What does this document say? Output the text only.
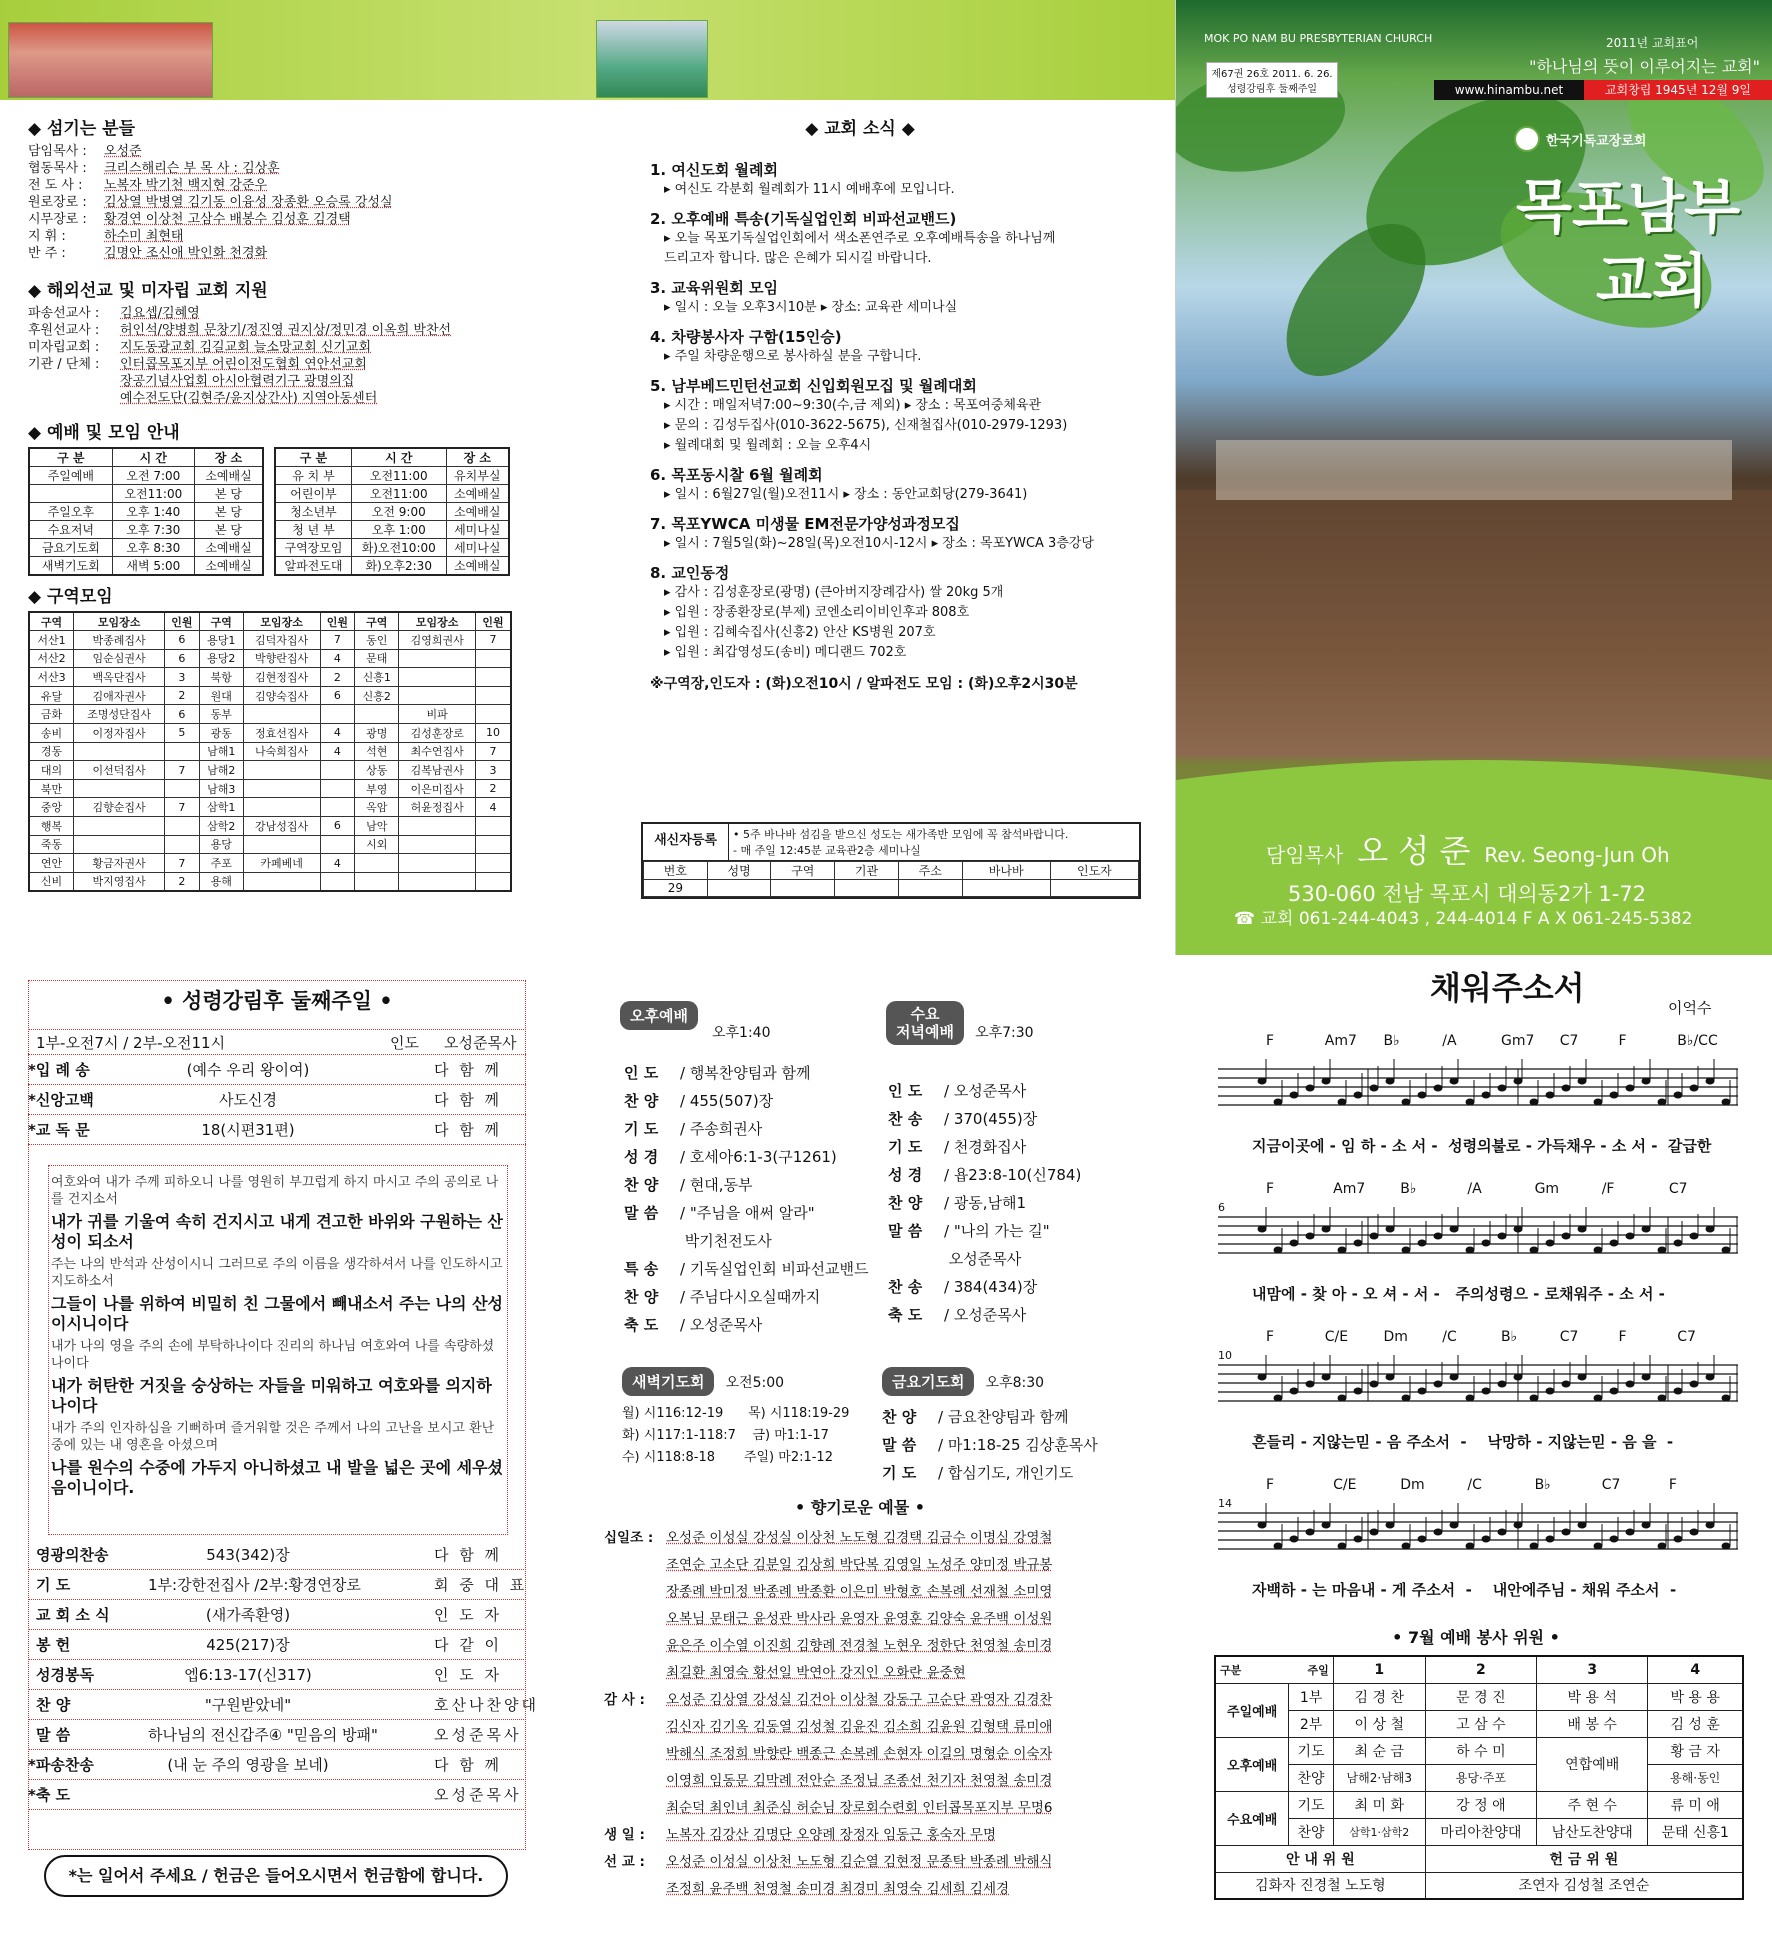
◆ 섬기는 분들
담임목사 : 오성준
협동목사 : 크리스해리슨 부 목 사 : 김상훈
전 도 사 : 노복자 박기천 백지현 강준우
원로장로 : 김상열 박병열 김기동 이융성 장종환 오승록 강성실
시무장로 : 황경연 이상천 고삼수 배봉수 김성훈 김경택
지 휘 :	하수미 최현태
반 주 :	김명안 조신애 박인화 천경화
◆ 해외선교 및 미자립 교회 지원
파송선교사 : 김요셉/김혜영
후원선교사 : 허인석/양병희 문창기/정진영 권지상/정민경 이옥희 박찬선
미자립교회 : 지도동광교회 김길교회 늘소망교회 신기교회
기관 / 단체 : 인터콥목포지부 어린이전도협회 연안선교회
장공기념사업회 아시아협력기구 광명의집
예수전도단(김현주/윤지상간사) 지역아동센터
◆ 예배 및 모임 안내
구 분	시 간	장 소
주일예배	오전 7:00	소예배실
	오전11:00	본 당
주일오후	오후 1:40	본 당
수요저녁	오후 7:30	본 당
금요기도회	오후 8:30	소예배실
새벽기도회	새벽 5:00	소예배실
구 분	시 간	장 소
유 치 부	오전11:00	유치부실
어린이부	오전11:00	소예배실
청소년부	오전 9:00	소예배실
청 년 부	오후 1:00	세미나실
구역장모임	화)오전10:00	세미나실
알파전도대	화)오후2:30	소예배실
◆ 구역모임
구역	모임장소	인원	구역	모임장소	인원	구역	모임장소	인원
서산1	박종례집사	6	용당1	김덕자집사	7	동인	김영희권사	7
서산2	임순심권사	6	용당2	박향란집사	4	문태		
서산3	백옥단집사	3	북항	김현정집사	2	신흥1		
유달	김애자권사	2	원대	김양숙집사	6	신흥2		
금화	조명성단집사	6	동부				비파	
송비	이정자집사	5	광동	정효선집사	4	광명	김성훈장로	10
경동			남해1	나숙희집사	4	석현	최수연집사	7
대의	이선덕집사	7	남해2			상동	김복남권사	3
북만			남해3			부영	이은미집사	2
중앙	김향순집사	7	삼학1			옥암	허윤정집사	4
행복			삼학2	강남성집사	6	남악		
죽동			용당			시외		
연안	황금자권사	7	주포	카페베네	4			
신비	박지영집사	2	용해					
◆ 교회 소식 ◆
1. 여신도회 월례회
▸ 여신도 각분회 월례회가 11시 예배후에 모입니다.
2. 오후예배 특송(기독실업인회 비파선교밴드)
▸ 오늘 목포기독실업인회에서 색소폰연주로 오후예배특송을 하나님께
드리고자 합니다. 많은 은혜가 되시길 바랍니다.
3. 교육위원회 모임
▸ 일시 : 오늘 오후3시10분 ▸ 장소: 교육관 세미나실
4. 차량봉사자 구함(15인승)
▸ 주일 차량운행으로 봉사하실 분을 구합니다.
5. 남부베드민턴선교회 신입회원모집 및 월례대회
▸ 시간 : 매일저녁7:00~9:30(수,금 제외) ▸ 장소 : 목포여중체육관
▸ 문의 : 김성두집사(010-3622-5675), 신재철집사(010-2979-1293)
▸ 월례대회 및 월례회 : 오늘 오후4시
6. 목포동시찰 6월 월례회
▸ 일시 : 6월27일(월)오전11시 ▸ 장소 : 동안교회당(279-3641)
7. 목포YWCA 미생물 EM전문가양성과정모집
▸ 일시 : 7월5일(화)~28일(목)오전10시-12시 ▸ 장소 : 목포YWCA 3층강당
8. 교인동정
▸ 감사 : 김성훈장로(광명) (큰아버지장례감사) 쌀 20kg 5개
▸ 입원 : 장종환장로(부제) 코엔소리이비인후과 808호
▸ 입원 : 김혜숙집사(신흥2) 안산 KS병원 207호
▸ 입원 : 최갑영성도(송비) 메디랜드 702호
※구역장,인도자 : (화)오전10시 / 알파전도 모임 : (화)오후2시30분
새신자등록	• 5주 바나바 섬김을 받으신 성도는 새가족반 모임에 꼭 참석바랍니다.
- 매 주일 12:45분 교육관2층 세미나실
번호	성명	구역	기관	주소	바나바	인도자
29						
MOK PO NAM BU PRESBYTERIAN CHURCH	2011년 교회표어
"하나님의 뜻이 이루어지는 교회"
제67권 26호 2011. 6. 26.
성령강림후 둘째주일	www.hinambu.net	교회창립 1945년 12월 9일
한국기독교장로회
목포남부
교회
담임목사 오 성 준 Rev. Seong-Jun Oh
530-060 전남 목포시 대의동2가 1-72
☎ 교회 061-244-4043 , 244-4014 F A X 061-245-5382
• 성령강림후 둘째주일 •
1부-오전7시 / 2부-오전11시	인도 오성준목사
*입 례 송	(예수 우리 왕이여)	다 함 께
*신앙고백	사도신경	다 함 께
*교 독 문	18(시편31편)	다 함 께
여호와여 내가 주께 피하오니 나를 영원히 부끄럽게 하지 마시고 주의 공의로 나를 건지소서
내가 귀를 기울여 속히 건지시고 내게 견고한 바위와 구원하는 산성이 되소서
주는 나의 반석과 산성이시니 그러므로 주의 이름을 생각하셔서 나를 인도하시고 지도하소서
그들이 나를 위하여 비밀히 친 그물에서 빼내소서 주는 나의 산성이시니이다
내가 나의 영을 주의 손에 부탁하나이다 진리의 하나님 여호와여 나를 속량하셨나이다
내가 허탄한 거짓을 숭상하는 자들을 미워하고 여호와를 의지하나이다
내가 주의 인자하심을 기뻐하며 즐거워할 것은 주께서 나의 고난을 보시고 환난 중에 있는 내 영혼을 아셨으며
나를 원수의 수중에 가두지 아니하셨고 내 발을 넓은 곳에 세우셨음이니이다.
영광의찬송	543(342)장	다 함 께
기 도	1부:강한전집사 /2부:황경연장로	회 중 대 표
교 회 소 식	(새가족환영)	인 도 자
봉 헌	425(217)장	다 같 이
성경봉독	엡6:13-17(신317)	인 도 자
찬 양	"구원받았네"	호산나찬양대
말 씀	하나님의 전신갑주④ "믿음의 방패"	오성준목사
*파송찬송	(내 눈 주의 영광을 보네)	다 함 께
*축 도	오성준목사
*는 일어서 주세요 / 헌금은 들어오시면서 헌금함에 합니다.
오후예배
오후1:40
인 도 / 행복찬양팀과 함께
찬 양 / 455(507)장
기 도 / 주송희권사
성 경 / 호세아6:1-3(구1261)
찬 양 / 현대,동부
말 씀 / "주님을 애써 알라"
박기천전도사
특 송 / 기독실업인회 비파선교밴드
찬 양 / 주님다시오실때까지
축 도 / 오성준목사
수요
저녁예배 오후7:30
인 도 / 오성준목사
찬 송 / 370(455)장
기 도 / 천경화집사
성 경 / 욥23:8-10(신784)
찬 양 / 광동,남해1
말 씀 / "나의 가는 길"
오성준목사
찬 송 / 384(434)장
축 도 / 오성준목사
새벽기도회 오전5:00
월) 시116:12-19      목) 시118:19-29
화) 시117:1-118:7    금) 마1:1-17
수) 시118:8-18       주일) 마2:1-12
금요기도회 오후8:30
찬 양 / 금요찬양팀과 함께
말 씀 / 마1:18-25 김상훈목사
기 도 / 합심기도, 개인기도
• 향기로운 예물 •
십일조 : 오성준 이성실 강성실 이상천 노도형 김경택 김금수 이명심 강영철
조연순 고소단 김분일 김상희 박단복 김영일 노성주 양미정 박규봉
장종례 박미정 박종례 박종환 이은미 박형호 손복례 선재철 소미영
오복님 문태근 윤성관 박사라 윤영자 윤영훈 김양숙 윤주백 이성원
윤은주 이수열 이진희 김향례 전경철 노현우 정한단 천영철 송미경
최길환 최영숙 황선일 박연아 강지인 오화란 윤중현
감 사 : 오성준 김상열 강성실 김건아 이상철 강동구 고순단 곽영자 김경찬
김신자 김기옥 김동열 김성철 김윤진 김소희 김윤원 김형택 류미애
박해식 조정희 박향란 백종근 손복례 손현자 이길의 명형순 이숙자
이영희 임동문 김막례 전안순 조정님 조종선 천기자 천영철 송미경
최순덕 최인녀 최준심 허순님 장로회수련회 인터콥목포지부 무명6
생 일 : 노복자 김강산 김명단 오양례 장정자 임동근 홍숙자 무명
선 교 : 오성준 이성실 이상천 노도형 김순열 김현정 문종탁 박종례 박해식
조정희 윤주백 천영철 송미경 최경미 최영숙 김세희 김세경
채워주소서
이억수
F	Am7 B♭	/A	Gm7 C7	F	B♭/CC
지금이곳에 - 임 하 - 소 서 -  성령의불로 - 가득채우 - 소 서 -  갈급한
F	Am7	B♭	/A	Gm	/F	C7
6
내맘에 - 찾 아 - 오 셔 - 서 -   주의성령으 - 로채워주 - 소 서 -
F	C/E	Dm /C	B♭	C7	F	C7
10
흔들리 - 지않는믿 - 음 주소서  -    낙망하 - 지않는믿 - 음 을  -
F	C/E	Dm	/C	B♭	C7	F
14
자백하 - 는 마음내 - 게 주소서  -    내안에주님 - 채워 주소서  -
• 7월 예배 봉사 위원 •
구분 주일		1	2	3	4
주일예배	1부	김 경 찬	문 경 진	박 용 석	박 용 용
	2부	이 상 철	고 삼 수	배 봉 수	김 성 훈
오후예배	기도	최 순 금	하 수 미	연합예배	황 금 자
	찬양	남해2·남해3	용당·주포		용해·동인
수요예배	기도	최 미 화	강 정 애	주 현 수	류 미 애
	찬양	삼학1·삼학2	마리아찬양대	남산도찬양대	문태 신흥1
안 내 위 원			헌 금 위 원		
김화자 진경철 노도형			조연자 김성철 조연순		
